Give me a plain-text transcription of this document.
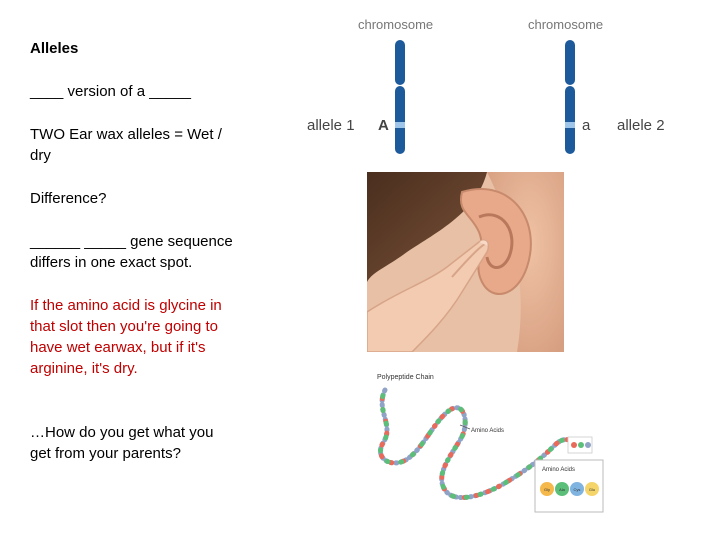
Alleles

____ version of a _____

TWO Ear wax alleles = Wet / dry

Difference?

______ _____ gene sequence differs in one exact spot.

If the amino acid is glycine in that slot then you're going to have wet earwax, but if it's arginine, it's dry.

…How do you get what you get from your parents?

chromosome	chromosome
allele 1 A	a allele 2
Polypeptide Chain
Amino Acids
Amino Acids
Gly Ala Cys Glu
